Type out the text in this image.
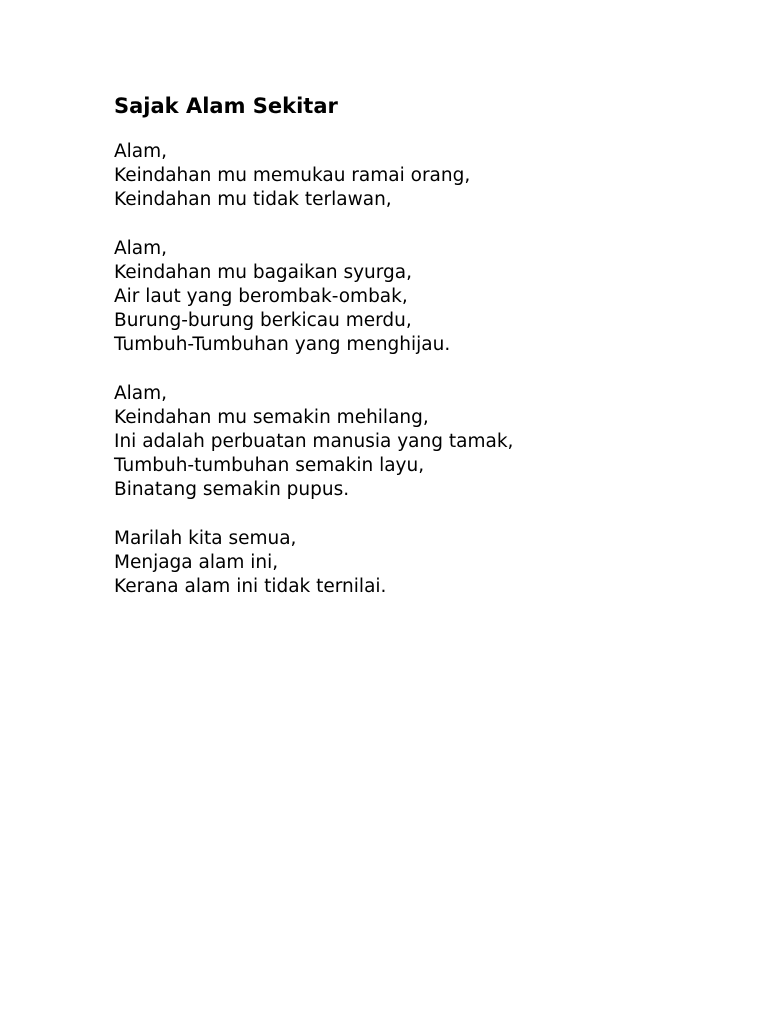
Sajak Alam Sekitar
Alam,
Keindahan mu memukau ramai orang,
Keindahan mu tidak terlawan,
Alam,
Keindahan mu bagaikan syurga,
Air laut yang berombak-ombak,
Burung-burung berkicau merdu,
Tumbuh-Tumbuhan yang menghijau.
Alam,
Keindahan mu semakin mehilang,
Ini adalah perbuatan manusia yang tamak,
Tumbuh-tumbuhan semakin layu,
Binatang semakin pupus.
Marilah kita semua,
Menjaga alam ini,
Kerana alam ini tidak ternilai.
